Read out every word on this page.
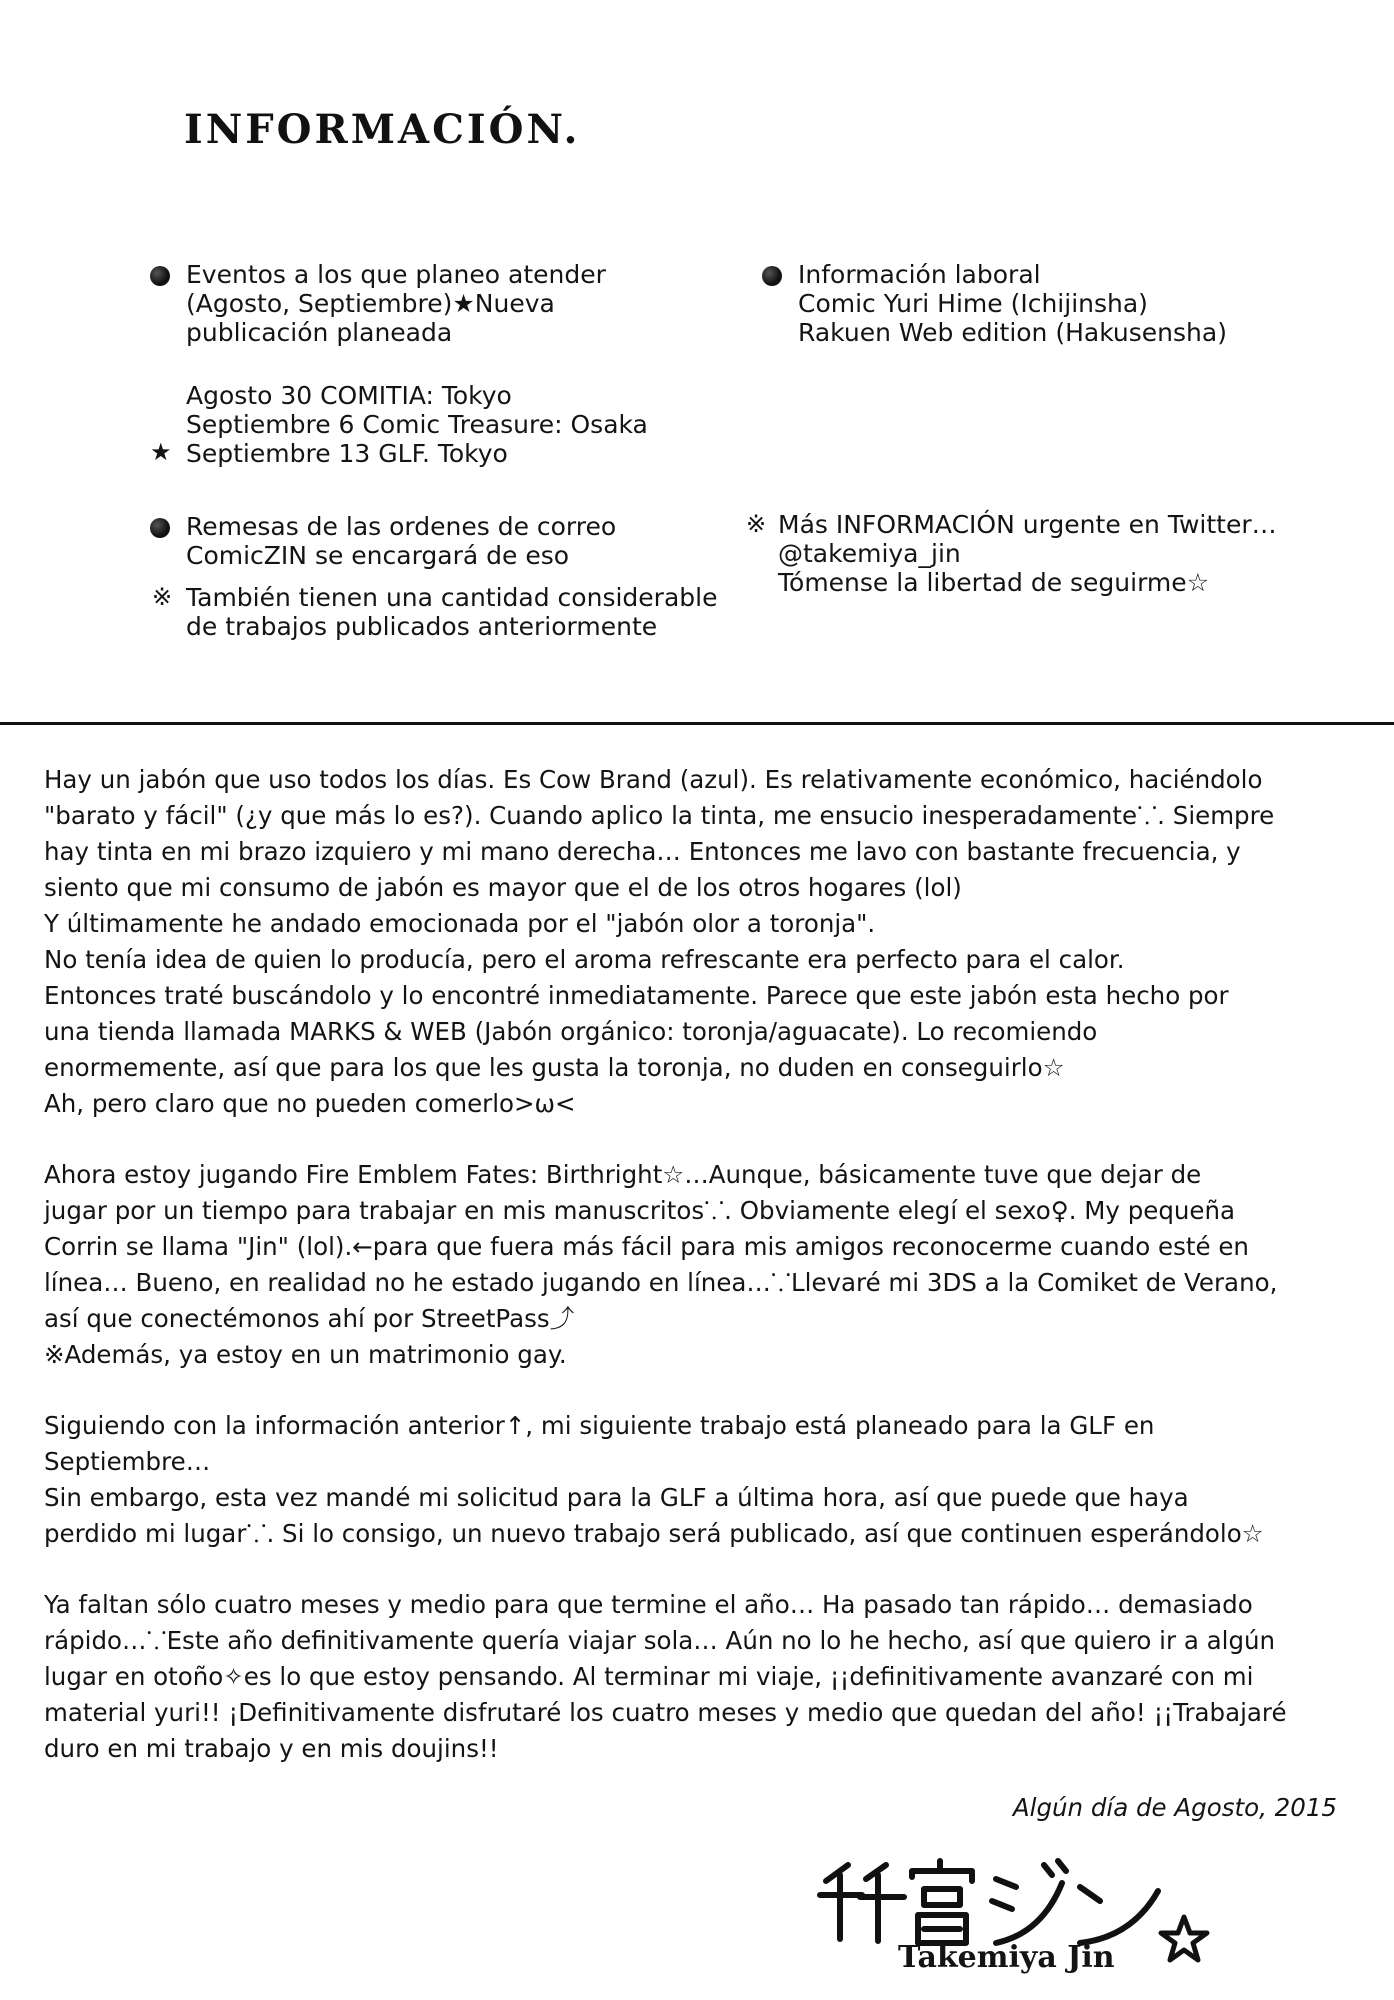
INFORMACIÓN.
Eventos a los que planeo atender
(Agosto, Septiembre)★Nueva
publicación planeada
Agosto 30 COMITIA: Tokyo
Septiembre 6 Comic Treasure: Osaka
★ Septiembre 13 GLF. Tokyo
Información laboral
Comic Yuri Hime (Ichijinsha)
Rakuen Web edition (Hakusensha)
Remesas de las ordenes de correo
ComicZIN se encargará de eso
※ También tienen una cantidad considerable
de trabajos publicados anteriormente
※ Más INFORMACIÓN urgente en Twitter…
@takemiya_jin
Tómense la libertad de seguirme☆

Hay un jabón que uso todos los días. Es Cow Brand (azul). Es relativamente económico, haciéndolo
"barato y fácil" (¿y que más lo es?). Cuando aplico la tinta, me ensucio inesperadamente⸪. Siempre
hay tinta en mi brazo izquiero y mi mano derecha… Entonces me lavo con bastante frecuencia, y
siento que mi consumo de jabón es mayor que el de los otros hogares (lol)
Y últimamente he andado emocionada por el "jabón olor a toronja".
No tenía idea de quien lo producía, pero el aroma refrescante era perfecto para el calor.
Entonces traté buscándolo y lo encontré inmediatamente. Parece que este jabón esta hecho por
una tienda llamada MARKS & WEB (Jabón orgánico: toronja/aguacate). Lo recomiendo
enormemente, así que para los que les gusta la toronja, no duden en conseguirlo☆
Ah, pero claro que no pueden comerlo>ω<

Ahora estoy jugando Fire Emblem Fates: Birthright☆…Aunque, básicamente tuve que dejar de
jugar por un tiempo para trabajar en mis manuscritos⸪. Obviamente elegí el sexo♀. My pequeña
Corrin se llama "Jin" (lol).←para que fuera más fácil para mis amigos reconocerme cuando esté en
línea… Bueno, en realidad no he estado jugando en línea…⸪Llevaré mi 3DS a la Comiket de Verano,
así que conectémonos ahí por StreetPass⤴
※Además, ya estoy en un matrimonio gay.

Siguiendo con la información anterior↑, mi siguiente trabajo está planeado para la GLF en
Septiembre…
Sin embargo, esta vez mandé mi solicitud para la GLF a última hora, así que puede que haya
perdido mi lugar⸪. Si lo consigo, un nuevo trabajo será publicado, así que continuen esperándolo☆

Ya faltan sólo cuatro meses y medio para que termine el año… Ha pasado tan rápido… demasiado
rápido…⸪Este año definitivamente quería viajar sola… Aún no lo he hecho, así que quiero ir a algún
lugar en otoño✧es lo que estoy pensando. Al terminar mi viaje, ¡¡definitivamente avanzaré con mi
material yuri!! ¡Definitivamente disfrutaré los cuatro meses y medio que quedan del año! ¡¡Trabajaré
duro en mi trabajo y en mis doujins!!

Algún día de Agosto, 2015
Takemiya Jin
